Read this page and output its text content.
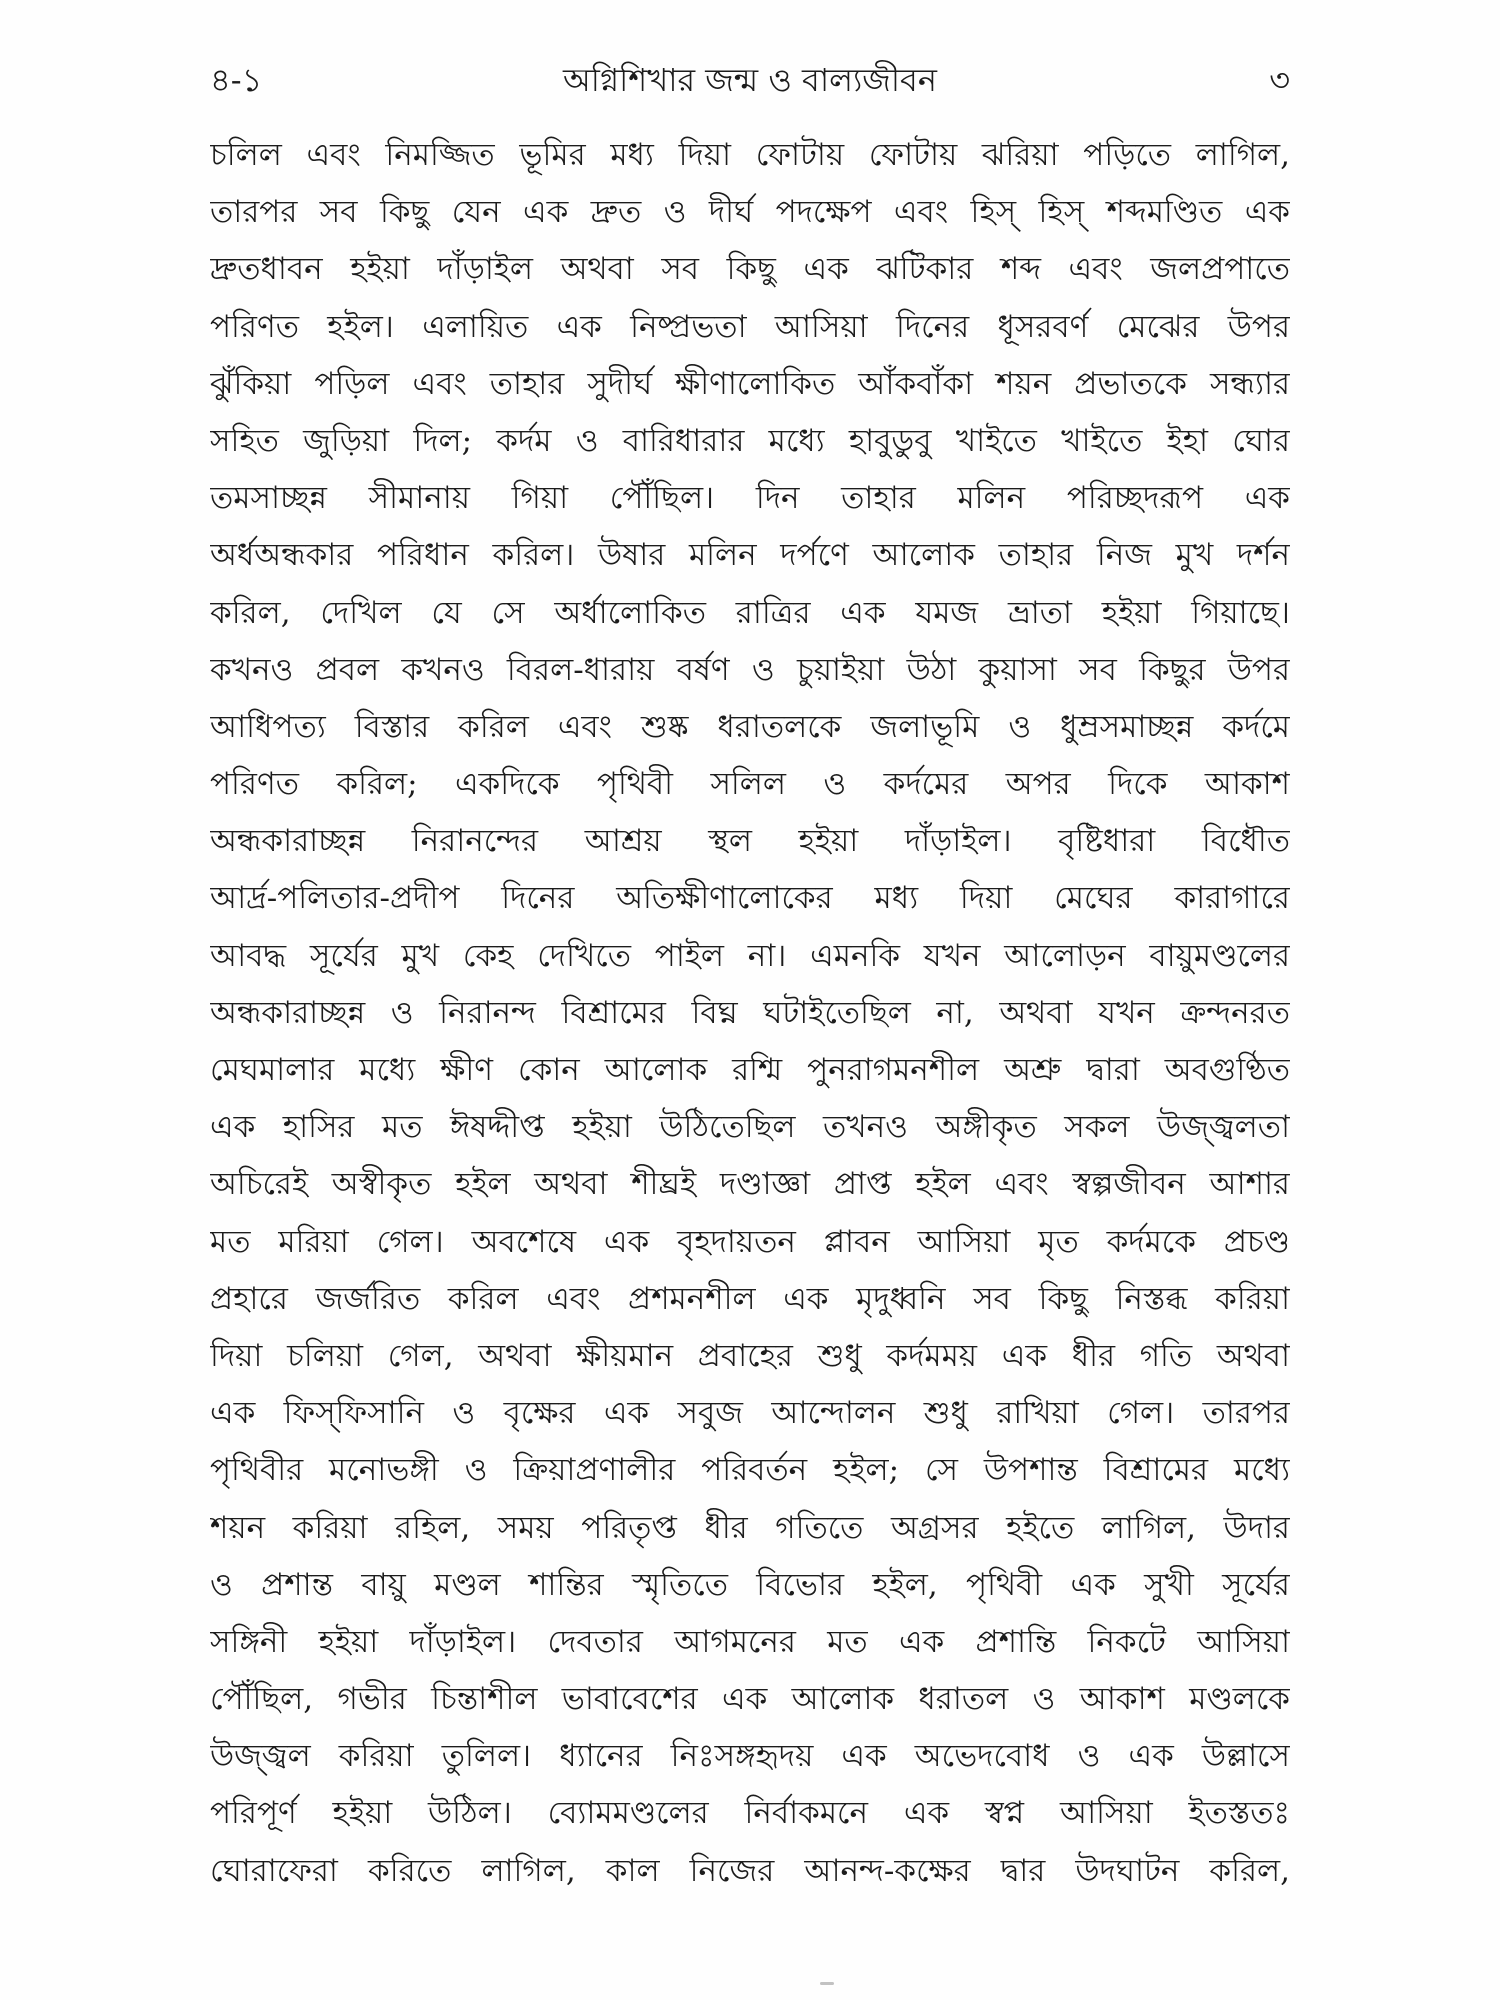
৪-১	অগ্নিশিখার জন্ম ও বাল্যজীবন	৩
চলিল এবং নিমজ্জিত ভূমির মধ্য দিয়া ফোটায় ফোটায় ঝরিয়া পড়িতে লাগিল,
তারপর সব কিছু যেন এক দ্রুত ও দীর্ঘ পদক্ষেপ এবং হিস্ হিস্ শব্দমণ্ডিত এক
দ্রুতধাবন হইয়া দাঁড়াইল অথবা সব কিছু এক ঝটিকার শব্দ এবং জলপ্রপাতে
পরিণত হইল। এলায়িত এক নিষ্প্রভতা আসিয়া দিনের ধূসরবর্ণ মেঝের উপর
ঝুঁকিয়া পড়িল এবং তাহার সুদীর্ঘ ক্ষীণালোকিত আঁকবাঁকা শয়ন প্রভাতকে সন্ধ্যার
সহিত জুড়িয়া দিল; কর্দম ও বারিধারার মধ্যে হাবুডুবু খাইতে খাইতে ইহা ঘোর
তমসাচ্ছন্ন সীমানায় গিয়া পৌঁছিল। দিন তাহার মলিন পরিচ্ছদরূপ এক
অর্ধঅন্ধকার পরিধান করিল। উষার মলিন দর্পণে আলোক তাহার নিজ মুখ দর্শন
করিল, দেখিল যে সে অর্ধালোকিত রাত্রির এক যমজ ভ্রাতা হইয়া গিয়াছে।
কখনও প্রবল কখনও বিরল-ধারায় বর্ষণ ও চুয়াইয়া উঠা কুয়াসা সব কিছুর উপর
আধিপত্য বিস্তার করিল এবং শুষ্ক ধরাতলকে জলাভূমি ও ধুম্রসমাচ্ছন্ন কর্দমে
পরিণত করিল; একদিকে পৃথিবী সলিল ও কর্দমের অপর দিকে আকাশ
অন্ধকারাচ্ছন্ন নিরানন্দের আশ্রয় স্থল হইয়া দাঁড়াইল। বৃষ্টিধারা বিধৌত
আর্দ্র-পলিতার-প্রদীপ দিনের অতিক্ষীণালোকের মধ্য দিয়া মেঘের কারাগারে
আবদ্ধ সূর্যের মুখ কেহ দেখিতে পাইল না। এমনকি যখন আলোড়ন বায়ুমণ্ডলের
অন্ধকারাচ্ছন্ন ও নিরানন্দ বিশ্রামের বিঘ্ন ঘটাইতেছিল না, অথবা যখন ক্রন্দনরত
মেঘমালার মধ্যে ক্ষীণ কোন আলোক রশ্মি পুনরাগমনশীল অশ্রু দ্বারা অবগুণ্ঠিত
এক হাসির মত ঈষদ্দীপ্ত হইয়া উঠিতেছিল তখনও অঙ্গীকৃত সকল উজ্জ্বলতা
অচিরেই অস্বীকৃত হইল অথবা শীঘ্রই দণ্ডাজ্ঞা প্রাপ্ত হইল এবং স্বল্পজীবন আশার
মত মরিয়া গেল। অবশেষে এক বৃহদায়তন প্লাবন আসিয়া মৃত কর্দমকে প্রচণ্ড
প্রহারে জর্জরিত করিল এবং প্রশমনশীল এক মৃদুধ্বনি সব কিছু নিস্তব্ধ করিয়া
দিয়া চলিয়া গেল, অথবা ক্ষীয়মান প্রবাহের শুধু কর্দমময় এক ধীর গতি অথবা
এক ফিস্‌ফিসানি ও বৃক্ষের এক সবুজ আন্দোলন শুধু রাখিয়া গেল। তারপর
পৃথিবীর মনোভঙ্গী ও ক্রিয়াপ্রণালীর পরিবর্তন হইল; সে উপশান্ত বিশ্রামের মধ্যে
শয়ন করিয়া রহিল, সময় পরিতৃপ্ত ধীর গতিতে অগ্রসর হইতে লাগিল, উদার
ও প্রশান্ত বায়ু মণ্ডল শান্তির স্মৃতিতে বিভোর হইল, পৃথিবী এক সুখী সূর্যের
সঙ্গিনী হইয়া দাঁড়াইল। দেবতার আগমনের মত এক প্রশান্তি নিকটে আসিয়া
পৌঁছিল, গভীর চিন্তাশীল ভাবাবেশের এক আলোক ধরাতল ও আকাশ মণ্ডলকে
উজ্জ্বল করিয়া তুলিল। ধ্যানের নিঃসঙ্গহৃদয় এক অভেদবোধ ও এক উল্লাসে
পরিপূর্ণ হইয়া উঠিল। ব্যোমমণ্ডলের নির্বাকমনে এক স্বপ্ন আসিয়া ইতস্ততঃ
ঘোরাফেরা করিতে লাগিল, কাল নিজের আনন্দ-কক্ষের দ্বার উদঘাটন করিল,
